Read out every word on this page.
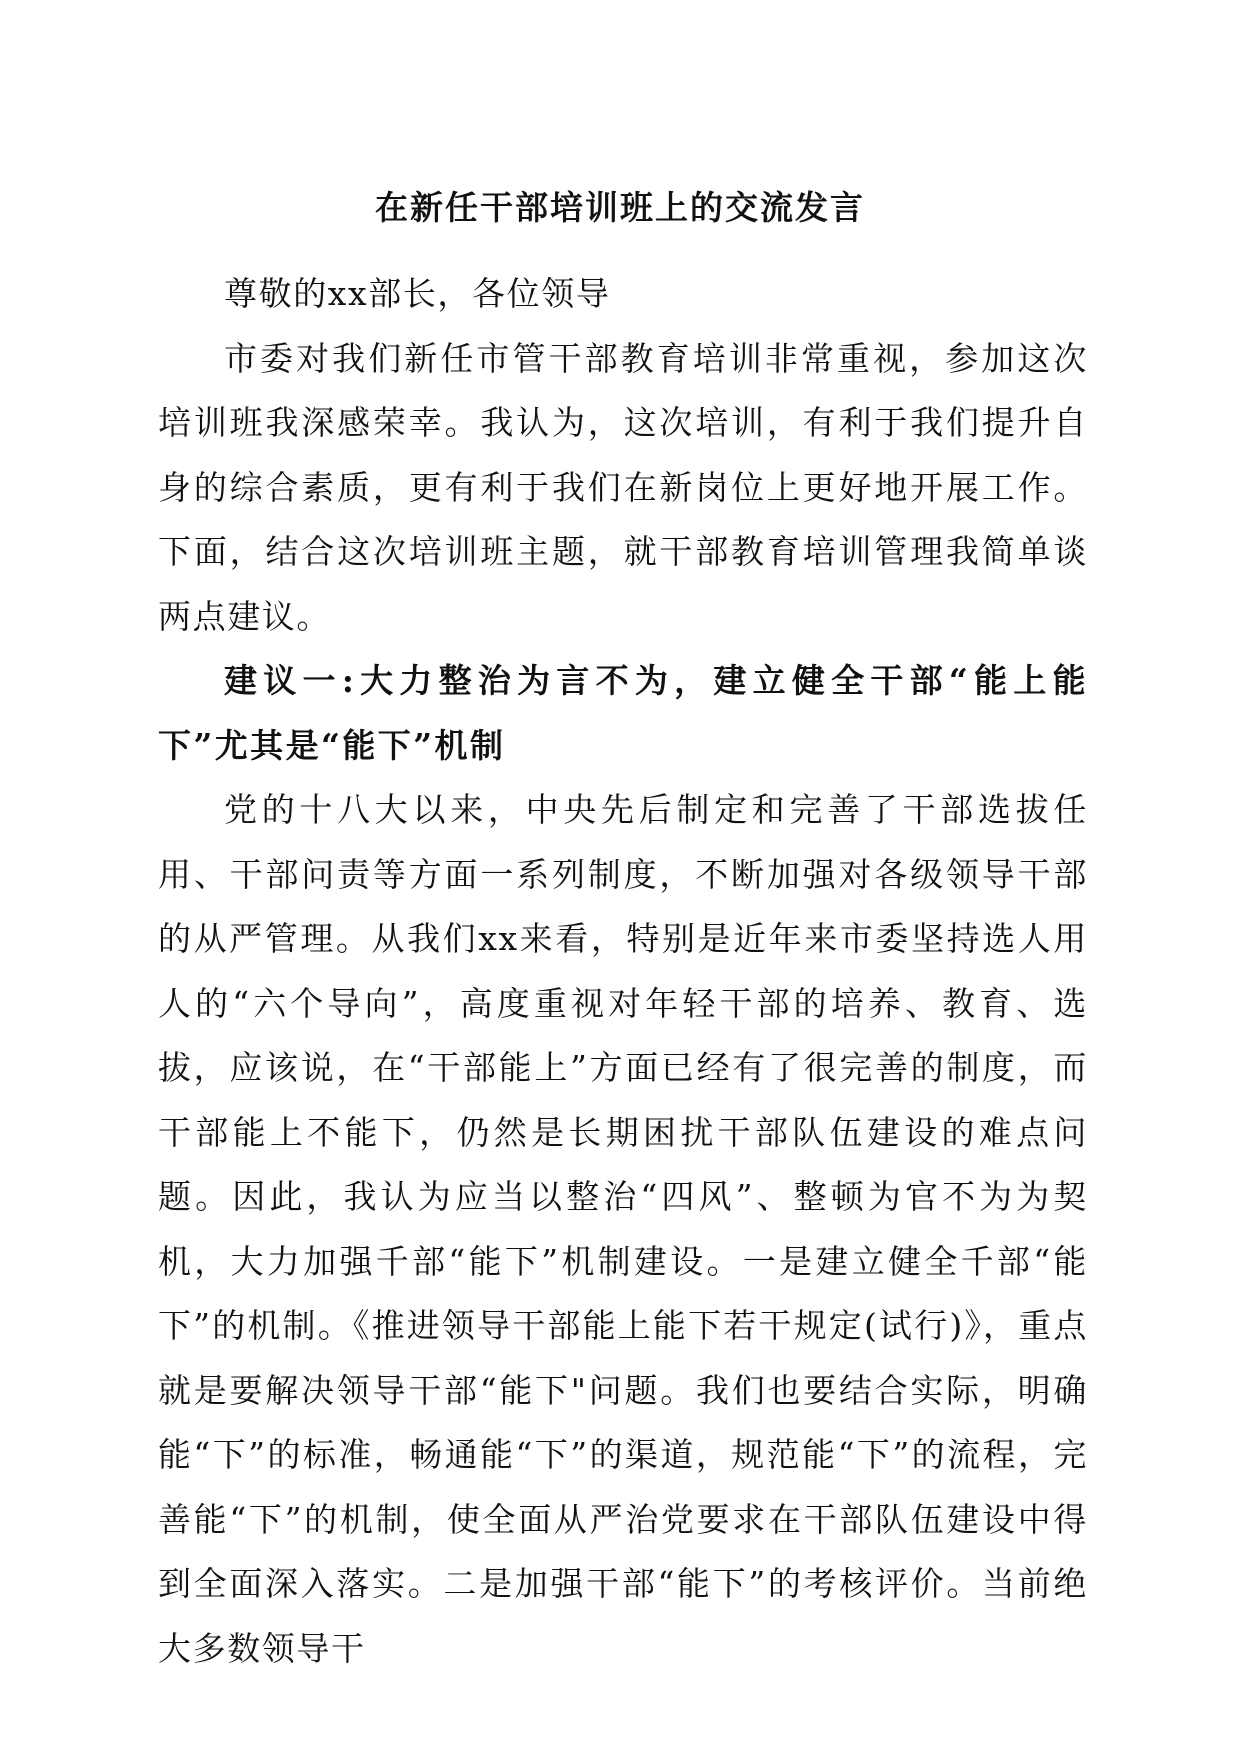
在新任干部培训班上的交流发言

尊敬的xx部长，各位领导

市委对我们新任市管干部教育培训非常重视，参加这次培训班我深感荣幸。我认为，这次培训，有利于我们提升自身的综合素质，更有利于我们在新岗位上更好地开展工作。下面，结合这次培训班主题，就干部教育培训管理我简单谈两点建议。

建议一:大力整治为言不为，建立健全干部“能上能下”尤其是“能下”机制

党的十八大以来，中央先后制定和完善了干部选拔任用、干部问责等方面一系列制度，不断加强对各级领导干部的从严管理。从我们xx来看，特别是近年来市委坚持选人用人的“六个导向”，高度重视对年轻干部的培养、教育、选拔，应该说，在“干部能上”方面已经有了很完善的制度，而干部能上不能下，仍然是长期困扰干部队伍建设的难点问题。因此，我认为应当以整治“四风”、整顿为官不为为契机，大力加强千部“能下”机制建设。一是建立健全千部“能下”的机制。《推进领导干部能上能下若干规定(试行)》，重点就是要解决领导干部“能下"问题。我们也要结合实际，明确能“下”的标准，畅通能“下”的渠道，规范能“下”的流程，完善能“下”的机制，使全面从严治党要求在干部队伍建设中得到全面深入落实。二是加强干部“能下”的考核评价。当前绝大多数领导干
